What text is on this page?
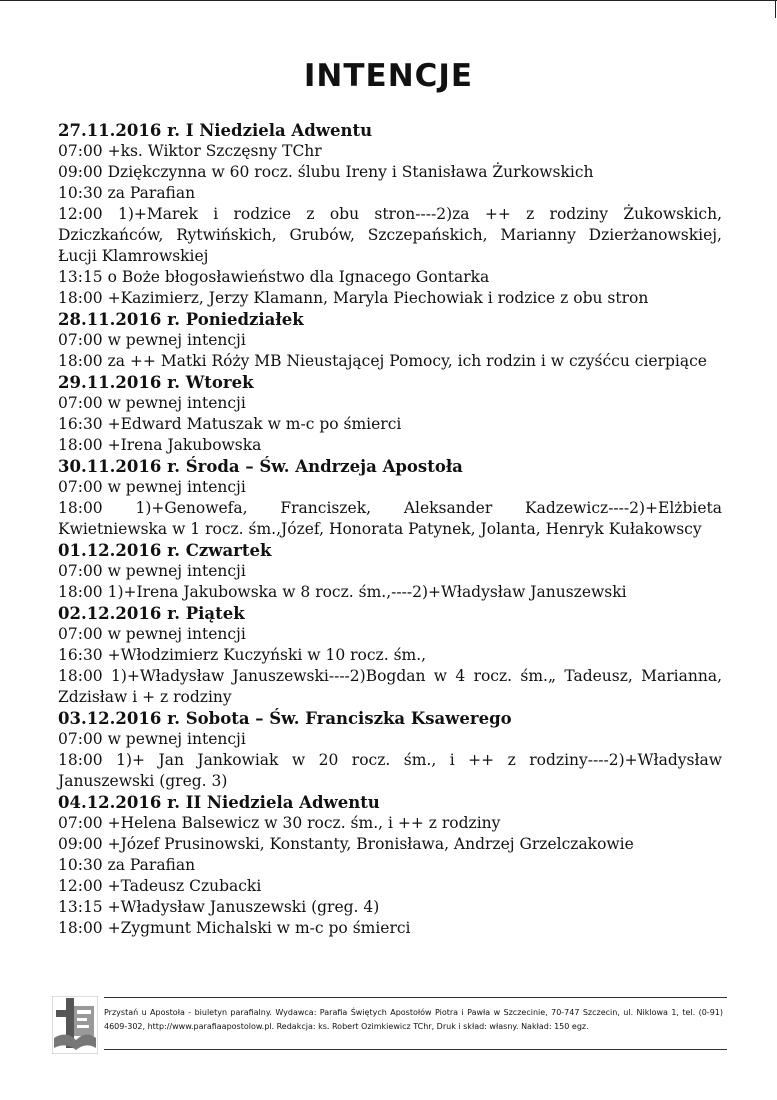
INTENCJE
27.11.2016 r. I Niedziela Adwentu
07:00 +ks. Wiktor Szczęsny TChr
09:00 Dziękczynna w 60 rocz. ślubu Ireny i Stanisława Żurkowskich
10:30 za Parafian
12:00 1)+Marek i rodzice z obu stron----2)za ++ z rodziny Żukowskich, Dziczkańców, Rytwińskich, Grubów, Szczepańskich, Marianny Dzierżanowskiej, Łucji Klamrowskiej
13:15 o Boże błogosławieństwo dla Ignacego Gontarka
18:00 +Kazimierz, Jerzy Klamann, Maryla Piechowiak i rodzice z obu stron
28.11.2016 r. Poniedziałek
07:00 w pewnej intencji
18:00 za ++ Matki Róży MB Nieustającej Pomocy, ich rodzin i w czyśćcu cierpiące
29.11.2016 r. Wtorek
07:00 w pewnej intencji
16:30 +Edward Matuszak w m-c po śmierci
18:00 +Irena Jakubowska
30.11.2016 r. Środa – Św. Andrzeja Apostoła
07:00 w pewnej intencji
18:00 1)+Genowefa, Franciszek, Aleksander Kadzewicz----2)+Elżbieta Kwietniewska w 1 rocz. śm.,Józef, Honorata Patynek, Jolanta, Henryk Kułakowscy
01.12.2016 r. Czwartek
07:00 w pewnej intencji
18:00 1)+Irena Jakubowska w 8 rocz. śm.,----2)+Władysław Januszewski
02.12.2016 r. Piątek
07:00 w pewnej intencji
16:30 +Włodzimierz Kuczyński w 10 rocz. śm.,
18:00 1)+Władysław Januszewski----2)Bogdan w 4 rocz. śm.„ Tadeusz, Marianna, Zdzisław i + z rodziny
03.12.2016 r. Sobota – Św. Franciszka Ksawerego
07:00 w pewnej intencji
18:00 1)+ Jan Jankowiak w 20 rocz. śm., i ++ z rodziny----2)+Władysław Januszewski (greg. 3)
04.12.2016 r. II Niedziela Adwentu
07:00 +Helena Balsewicz w 30 rocz. śm., i ++ z rodziny
09:00 +Józef Prusinowski, Konstanty, Bronisława, Andrzej Grzelczakowie
10:30 za Parafian
12:00 +Tadeusz Czubacki
13:15 +Władysław Januszewski (greg. 4)
18:00 +Zygmunt Michalski w m-c po śmierci
Przystań u Apostoła - biuletyn parafialny. Wydawca: Parafia Świętych Apostołów Piotra i Pawła w Szczecinie, 70-747 Szczecin, ul. Niklowa 1, tel. (0-91) 4609-302, http://www.parafiaapostolow.pl. Redakcja: ks. Robert Ozimkiewicz TChr, Druk i skład: własny. Nakład: 150 egz.
